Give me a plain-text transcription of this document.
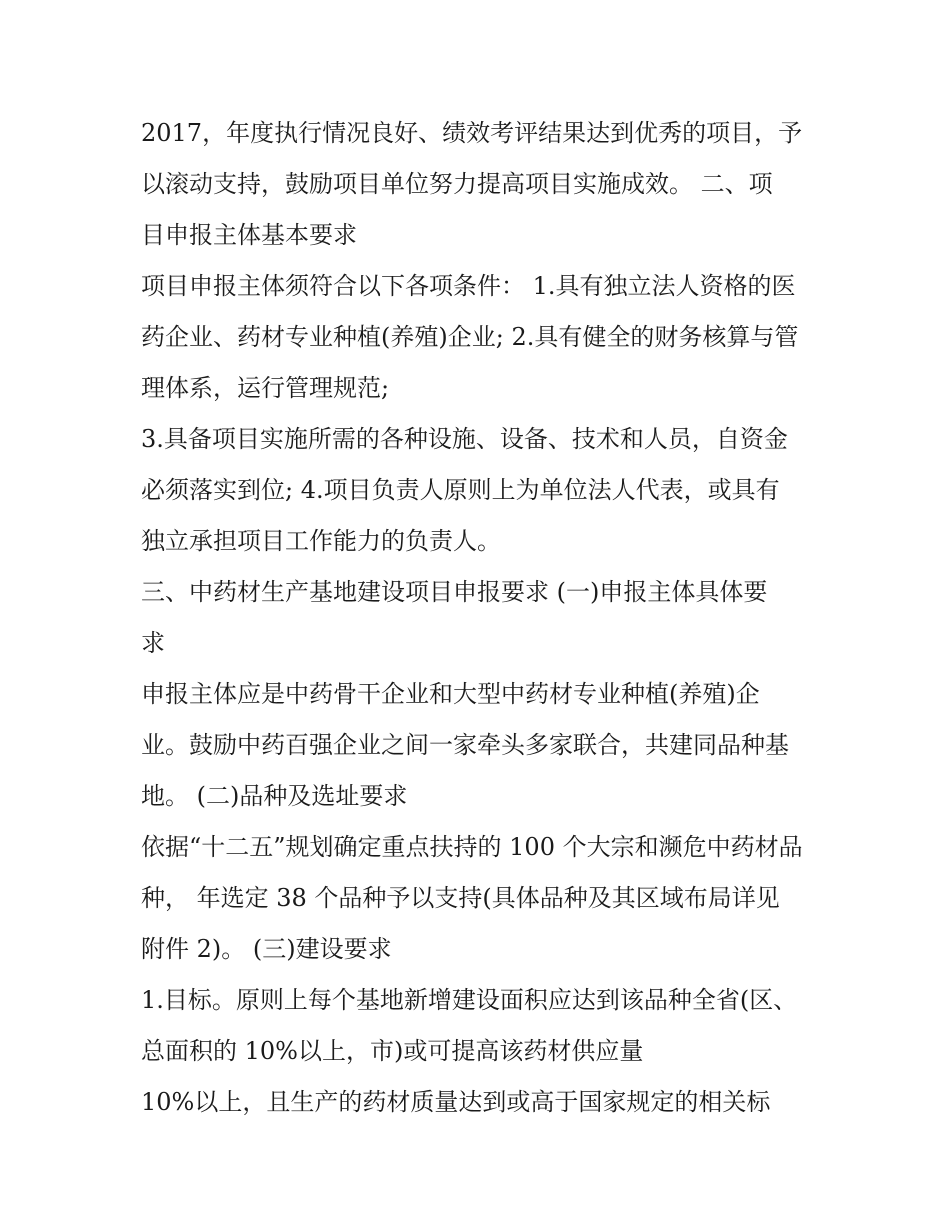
2017，年度执行情况良好、绩效考评结果达到优秀的项目，予
以滚动支持，鼓励项目单位努力提高项目实施成效。 二、项
目申报主体基本要求
项目申报主体须符合以下各项条件： 1.具有独立法人资格的医
药企业、药材专业种植(养殖)企业; 2.具有健全的财务核算与管
理体系，运行管理规范;
3.具备项目实施所需的各种设施、设备、技术和人员，自资金
必须落实到位; 4.项目负责人原则上为单位法人代表，或具有
独立承担项目工作能力的负责人。
三、中药材生产基地建设项目申报要求 (一)申报主体具体要
求
申报主体应是中药骨干企业和大型中药材专业种植(养殖)企
业。鼓励中药百强企业之间一家牵头多家联合，共建同品种基
地。 (二)品种及选址要求
依据“十二五”规划确定重点扶持的 100 个大宗和濒危中药材品
种， 年选定 38 个品种予以支持(具体品种及其区域布局详见
附件 2)。 (三)建设要求
1.目标。原则上每个基地新增建设面积应达到该品种全省(区、
总面积的 10%以上，市)或可提高该药材供应量
10%以上，且生产的药材质量达到或高于国家规定的相关标
